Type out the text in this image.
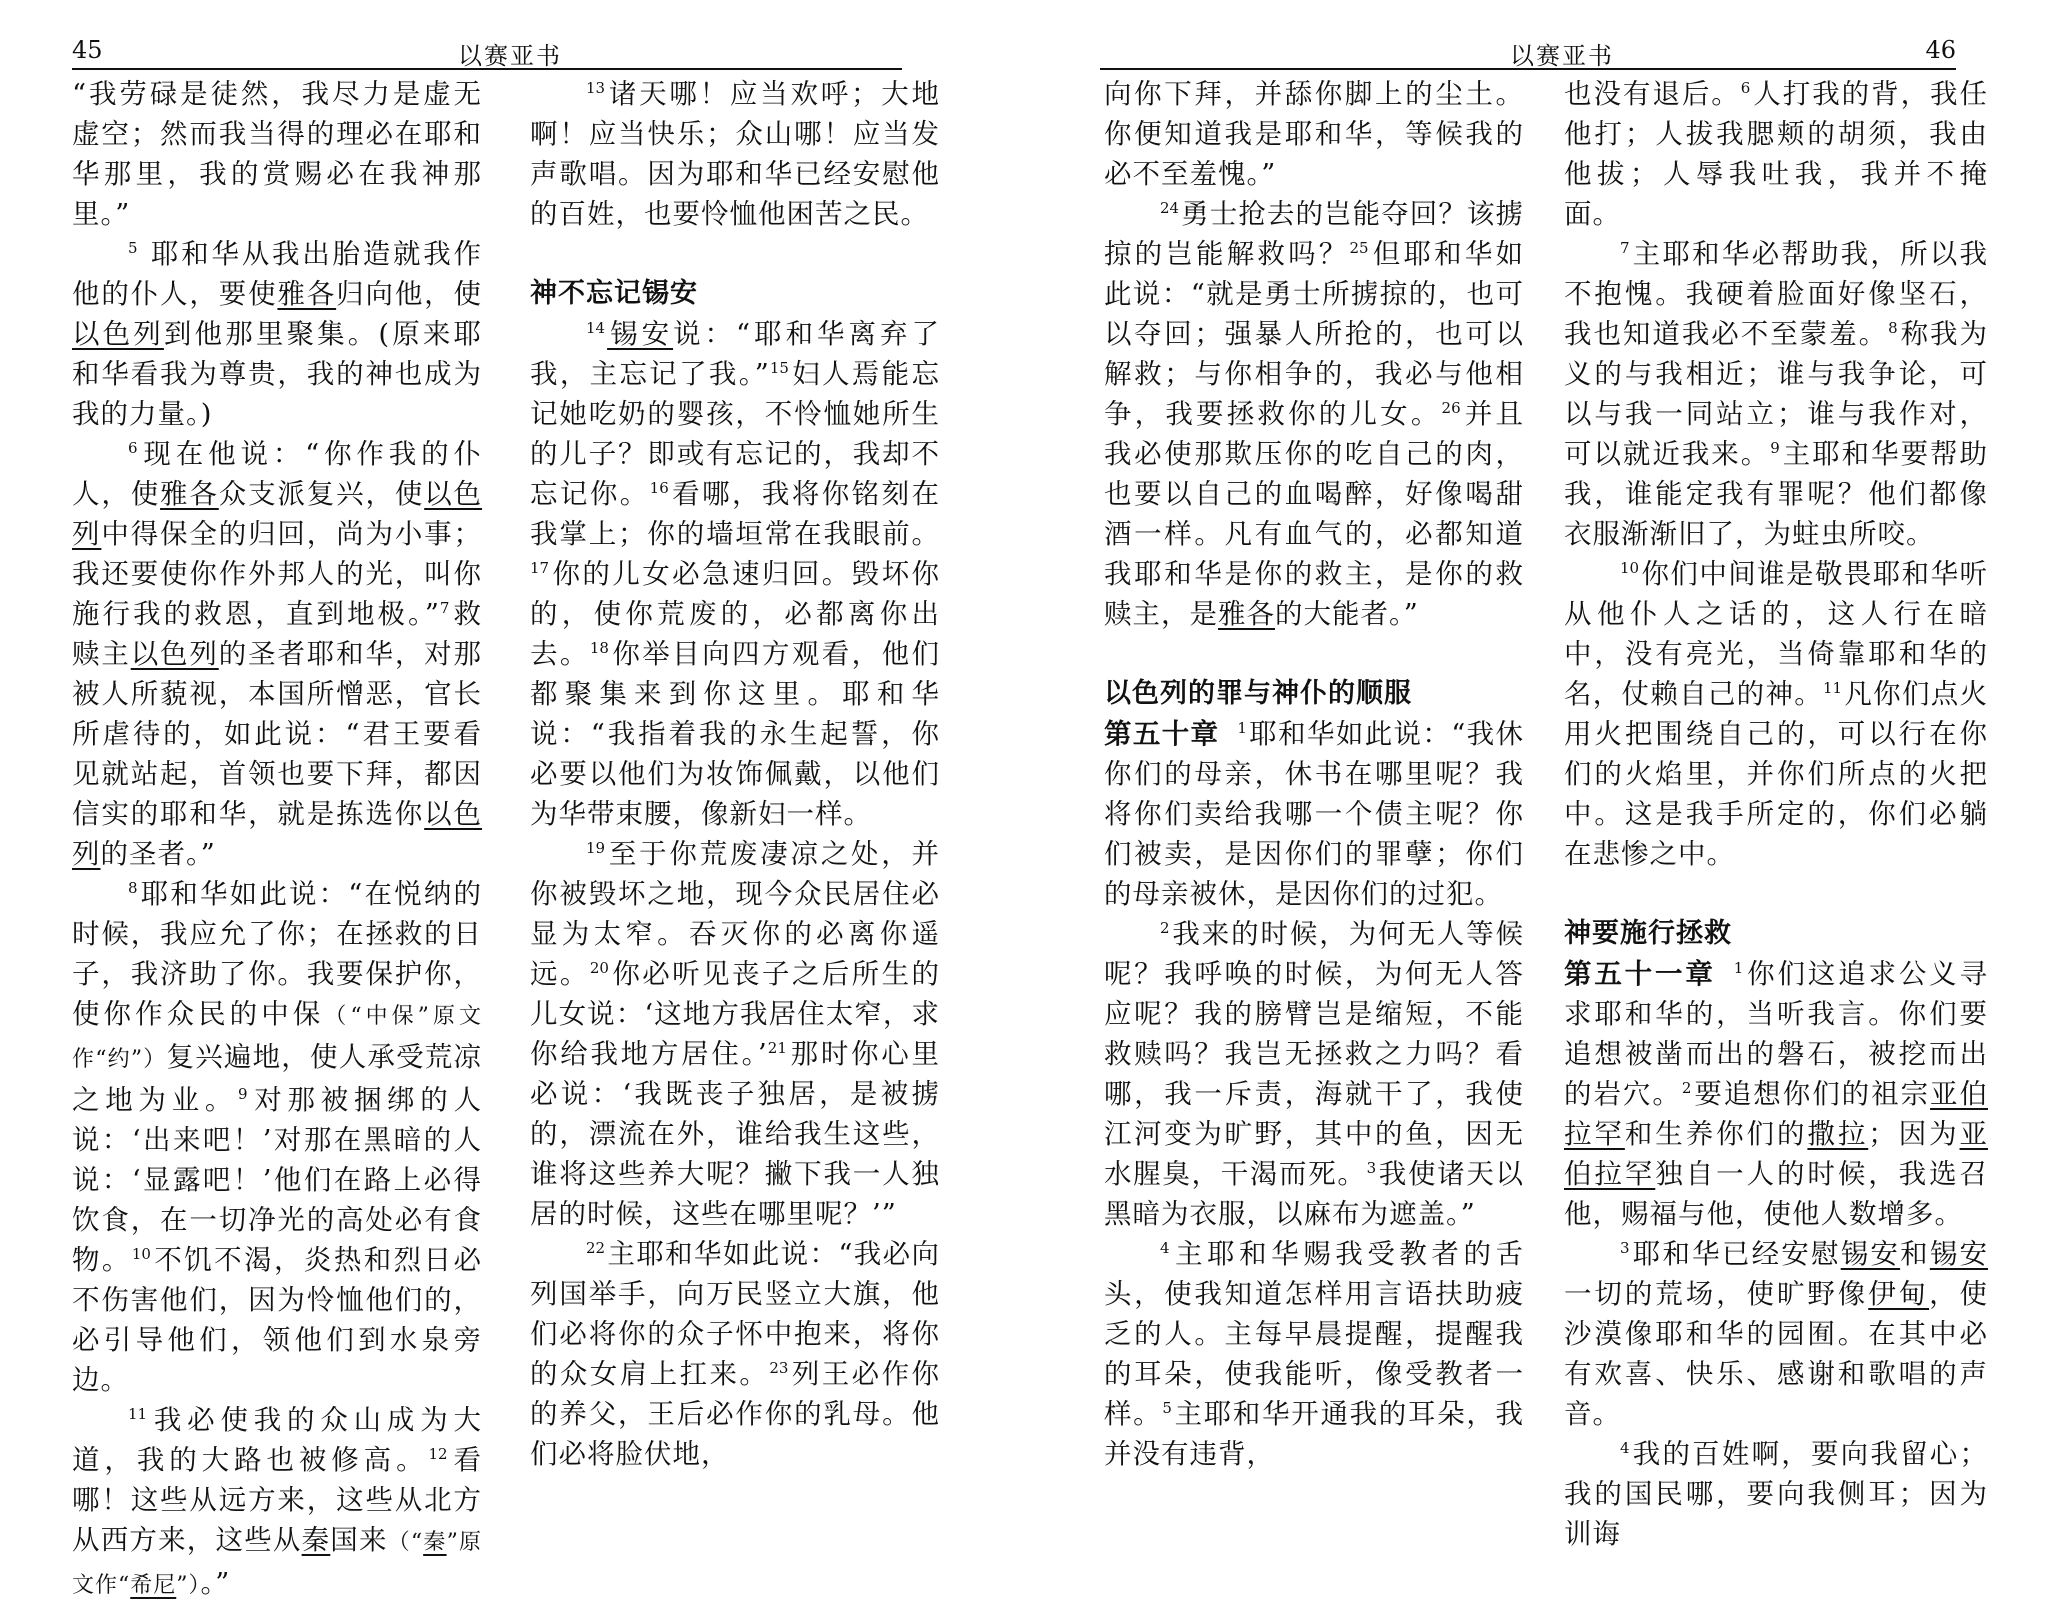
45	以赛亚书

“我劳碌是徒然，我尽力是虚无虚空；然而我当得的理必在耶和华那里，我的赏赐必在我神那里。”

$^5$ 耶和华从我出胎造就我作他的仆人，要使雅各归向他，使以色列到他那里聚集。(原来耶和华看我为尊贵，我的神也成为我的力量。)

$^6$现在他说：“你作我的仆人，使雅各众支派复兴，使以色列中得保全的归回，尚为小事；我还要使你作外邦人的光，叫你施行我的救恩，直到地极。”$^7$救赎主以色列的圣者耶和华，对那被人所藐视，本国所憎恶，官长所虐待的，如此说：“君王要看见就站起，首领也要下拜，都因信实的耶和华，就是拣选你以色列的圣者。”

$^8$耶和华如此说：“在悦纳的时候，我应允了你；在拯救的日子，我济助了你。我要保护你，使你作众民的中保（“中保”原文作“约”）复兴遍地，使人承受荒凉之地为业。$^9$对那被捆绑的人说：‘出来吧！’对那在黑暗的人说：‘显露吧！’他们在路上必得饮食，在一切净光的高处必有食物。$^{10}$不饥不渴，炎热和烈日必不伤害他们，因为怜恤他们的，必引导他们，领他们到水泉旁边。

$^{11}$我必使我的众山成为大道，我的大路也被修高。$^{12}$看哪！这些从远方来，这些从北方从西方来，这些从秦国来（“秦”原文作“希尼”）。”

$^{13}$诸天哪！应当欢呼；大地啊！应当快乐；众山哪！应当发声歌唱。因为耶和华已经安慰他的百姓，也要怜恤他困苦之民。

神不忘记锡安

$^{14}$锡安说：“耶和华离弃了我，主忘记了我。”$^{15}$妇人焉能忘记她吃奶的婴孩，不怜恤她所生的儿子？即或有忘记的，我却不忘记你。$^{16}$看哪，我将你铭刻在我掌上；你的墙垣常在我眼前。$^{17}$你的儿女必急速归回。毁坏你的，使你荒废的，必都离你出去。$^{18}$你举目向四方观看，他们都聚集来到你这里。耶和华说：“我指着我的永生起誓，你必要以他们为妆饰佩戴，以他们为华带束腰，像新妇一样。

$^{19}$至于你荒废凄凉之处，并你被毁坏之地，现今众民居住必显为太窄。吞灭你的必离你遥远。$^{20}$你必听见丧子之后所生的儿女说：‘这地方我居住太窄，求你给我地方居住。’$^{21}$那时你心里必说：‘我既丧子独居，是被掳的，漂流在外，谁给我生这些，谁将这些养大呢？撇下我一人独居的时候，这些在哪里呢？’”

$^{22}$主耶和华如此说：“我必向列国举手，向万民竖立大旗，他们必将你的众子怀中抱来，将你的众女肩上扛来。$^{23}$列王必作你的养父，王后必作你的乳母。他们必将脸伏地，

以赛亚书	46

向你下拜，并舔你脚上的尘土。你便知道我是耶和华，等候我的必不至羞愧。”

$^{24}$勇士抢去的岂能夺回？该掳掠的岂能解救吗？$^{25}$但耶和华如此说：“就是勇士所掳掠的，也可以夺回；强暴人所抢的，也可以解救；与你相争的，我必与他相争，我要拯救你的儿女。$^{26}$并且我必使那欺压你的吃自己的肉，也要以自己的血喝醉，好像喝甜酒一样。凡有血气的，必都知道我耶和华是你的救主，是你的救赎主，是雅各的大能者。”

以色列的罪与神仆的顺服

第五十章 $^1$耶和华如此说：“我休你们的母亲，休书在哪里呢？我将你们卖给我哪一个债主呢？你们被卖，是因你们的罪孽；你们的母亲被休，是因你们的过犯。

$^2$我来的时候，为何无人等候呢？我呼唤的时候，为何无人答应呢？我的膀臂岂是缩短，不能救赎吗？我岂无拯救之力吗？看哪，我一斥责，海就干了，我使江河变为旷野，其中的鱼，因无水腥臭，干渴而死。$^3$我使诸天以黑暗为衣服，以麻布为遮盖。”

$^4$主耶和华赐我受教者的舌头，使我知道怎样用言语扶助疲乏的人。主每早晨提醒，提醒我的耳朵，使我能听，像受教者一样。$^5$主耶和华开通我的耳朵，我并没有违背，

也没有退后。$^6$人打我的背，我任他打；人拔我腮颊的胡须，我由他拔；人辱我吐我，我并不掩面。

$^7$主耶和华必帮助我，所以我不抱愧。我硬着脸面好像坚石，我也知道我必不至蒙羞。$^8$称我为义的与我相近；谁与我争论，可以与我一同站立；谁与我作对，可以就近我来。$^9$主耶和华要帮助我，谁能定我有罪呢？他们都像衣服渐渐旧了，为蛀虫所咬。

$^{10}$你们中间谁是敬畏耶和华听从他仆人之话的，这人行在暗中，没有亮光，当倚靠耶和华的名，仗赖自己的神。$^{11}$凡你们点火用火把围绕自己的，可以行在你们的火焰里，并你们所点的火把中。这是我手所定的，你们必躺在悲惨之中。

神要施行拯救

第五十一章 $^1$你们这追求公义寻求耶和华的，当听我言。你们要追想被凿而出的磐石，被挖而出的岩穴。$^2$要追想你们的祖宗亚伯拉罕和生养你们的撒拉；因为亚伯拉罕独自一人的时候，我选召他，赐福与他，使他人数增多。

$^3$耶和华已经安慰锡安和锡安一切的荒场，使旷野像伊甸，使沙漠像耶和华的园囿。在其中必有欢喜、快乐、感谢和歌唱的声音。

$^4$我的百姓啊，要向我留心；我的国民哪，要向我侧耳；因为训诲
